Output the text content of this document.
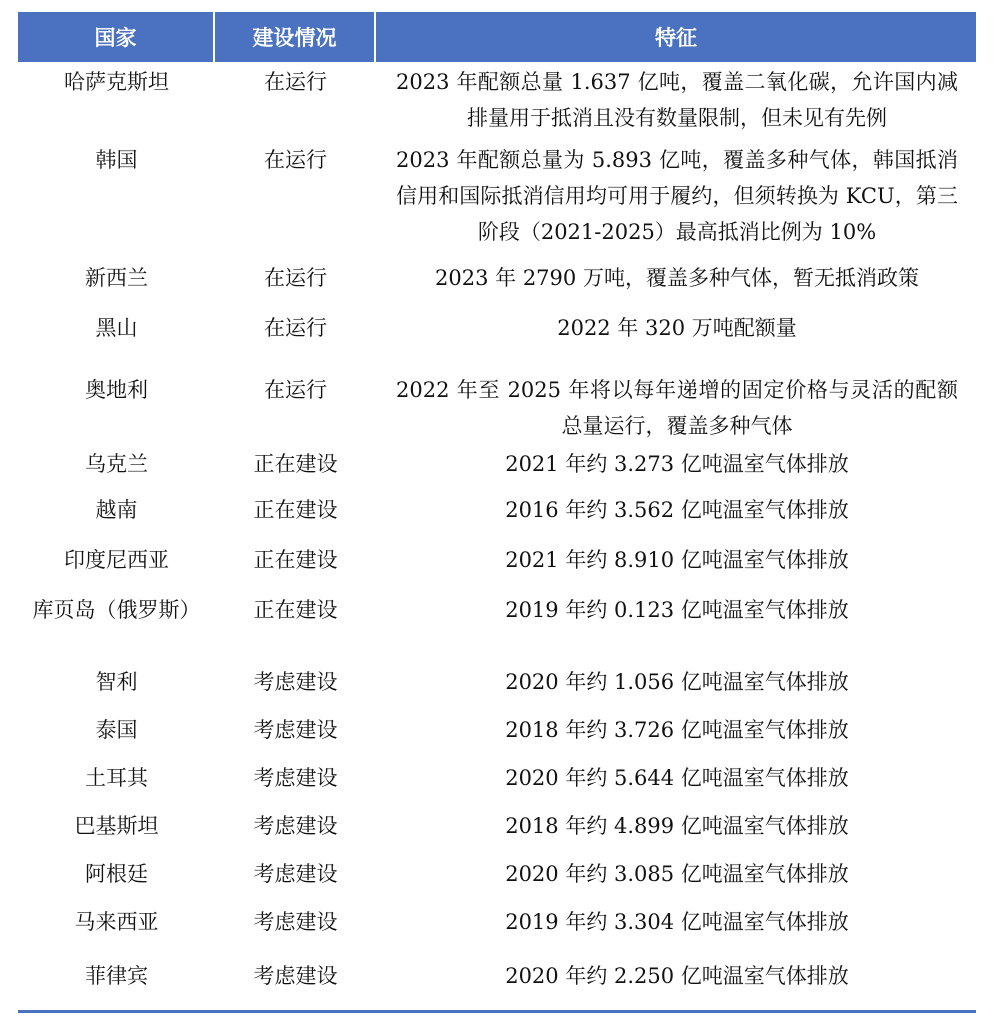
国家	建设情况	特征
哈萨克斯坦	在运行	2023 年配额总量 1.637 亿吨，覆盖二氧化碳，允许国内减排量用于抵消且没有数量限制，但未见有先例
韩国	在运行	2023 年配额总量为 5.893 亿吨，覆盖多种气体，韩国抵消信用和国际抵消信用均可用于履约，但须转换为 KCU，第三阶段（2021-2025）最高抵消比例为 10%
新西兰	在运行	2023 年 2790 万吨，覆盖多种气体，暂无抵消政策
黑山	在运行	2022 年 320 万吨配额量
奥地利	在运行	2022 年至 2025 年将以每年递增的固定价格与灵活的配额总量运行，覆盖多种气体
乌克兰	正在建设	2021 年约 3.273 亿吨温室气体排放
越南	正在建设	2016 年约 3.562 亿吨温室气体排放
印度尼西亚	正在建设	2021 年约 8.910 亿吨温室气体排放
库页岛（俄罗斯）	正在建设	2019 年约 0.123 亿吨温室气体排放
智利	考虑建设	2020 年约 1.056 亿吨温室气体排放
泰国	考虑建设	2018 年约 3.726 亿吨温室气体排放
土耳其	考虑建设	2020 年约 5.644 亿吨温室气体排放
巴基斯坦	考虑建设	2018 年约 4.899 亿吨温室气体排放
阿根廷	考虑建设	2020 年约 3.085 亿吨温室气体排放
马来西亚	考虑建设	2019 年约 3.304 亿吨温室气体排放
菲律宾	考虑建设	2020 年约 2.250 亿吨温室气体排放
